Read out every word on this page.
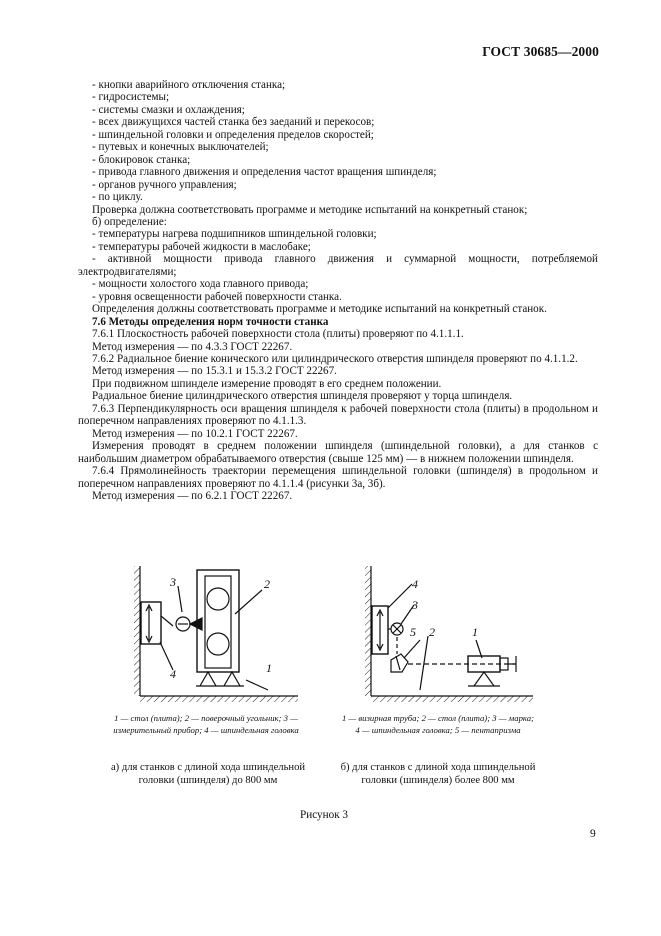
ГОСТ 30685—2000

- кнопки аварийного отключения станка;

- гидросистемы;

- системы смазки и охлаждения;

- всех движущихся частей станка без заеданий и перекосов;

- шпиндельной головки и определения пределов скоростей;

- путевых и конечных выключателей;

- блокировок станка;

- привода главного движения и определения частот вращения шпинделя;

- органов ручного управления;

- по циклу.

Проверка должна соответствовать программе и методике испытаний на конкретный станок;

б) определение:

- температуры нагрева подшипников шпиндельной головки;

- температуры рабочей жидкости в маслобаке;

- активной мощности привода главного движения и суммарной мощности, потребляемой электродвигателями;

- мощности холостого хода главного привода;

- уровня освещенности рабочей поверхности станка.

Определения должны соответствовать программе и методике испытаний на конкретный станок.

7.6 Методы определения норм точности станка

7.6.1 Плоскостность рабочей поверхности стола (плиты) проверяют по 4.1.1.1.

Метод измерения — по 4.3.3 ГОСТ 22267.

7.6.2 Радиальное биение конического или цилиндрического отверстия шпинделя проверяют по 4.1.1.2.

Метод измерения — по 15.3.1 и 15.3.2 ГОСТ 22267.

При подвижном шпинделе измерение проводят в его среднем положении.

Радиальное биение цилиндрического отверстия шпинделя проверяют у торца шпинделя.

7.6.3 Перпендикулярность оси вращения шпинделя к рабочей поверхности стола (плиты) в продольном и поперечном направлениях проверяют по 4.1.1.3.

Метод измерения — по 10.2.1 ГОСТ 22267.

Измерения проводят в среднем положении шпинделя (шпиндельной головки), а для станков с наибольшим диаметром обрабатываемого отверстия (свыше 125 мм) — в нижнем положении шпинделя.

7.6.4 Прямолинейность траектории перемещения шпиндельной головки (шпинделя) в продольном и поперечном направлениях проверяют по 4.1.1.4 (рисунки 3а, 3б).

Метод измерения — по 6.2.1 ГОСТ 22267.

3	2
1
4
4
3
5 2	1
1 — стол (плита); 2 — поверочный угольник; 3 — измерительный прибор; 4 — шпиндельная головка
1 — визирная труба; 2 — стол (плита); 3 — марка; 4 — шпиндельная головка; 5 — пентапризма
а) для станков с длиной хода шпиндельной головки (шпинделя) до 800 мм
б) для станков с длиной хода шпиндельной головки (шпинделя) более 800 мм
Рисунок 3
9
